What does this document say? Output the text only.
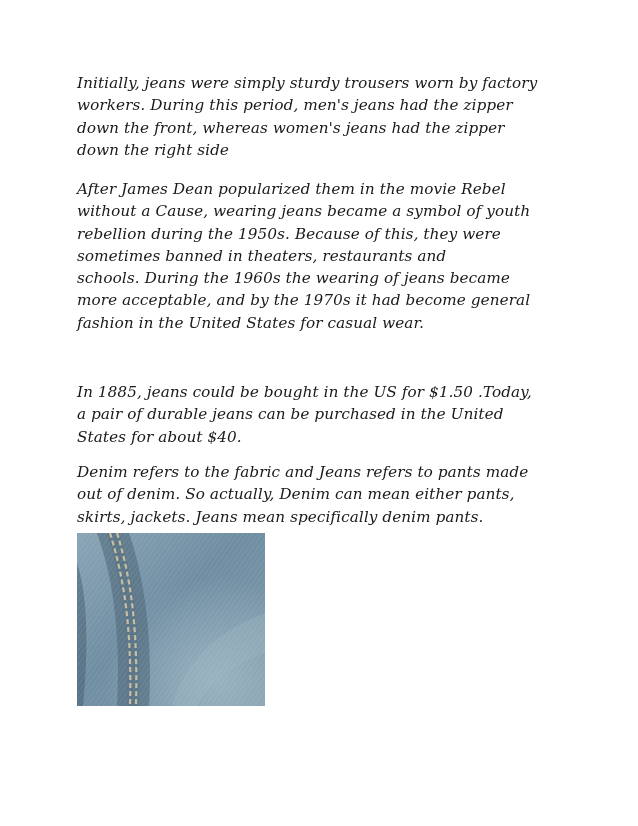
Initially, jeans were simply sturdy trousers worn by factory
workers. During this period, men's jeans had the zipper
down the front, whereas women's jeans had the zipper
down the right side
After James Dean popularized them in the movie Rebel
without a Cause, wearing jeans became a symbol of youth
rebellion during the 1950s. Because of this, they were
sometimes banned in theaters, restaurants and
schools. During the 1960s the wearing of jeans became
more acceptable, and by the 1970s it had become general
fashion in the United States for casual wear.
In 1885, jeans could be bought in the US for $1.50 .Today,
a pair of durable jeans can be purchased in the United
States for about $40.
Denim refers to the fabric and Jeans refers to pants made
out of denim. So actually, Denim can mean either pants,
skirts, jackets. Jeans mean specifically denim pants.
